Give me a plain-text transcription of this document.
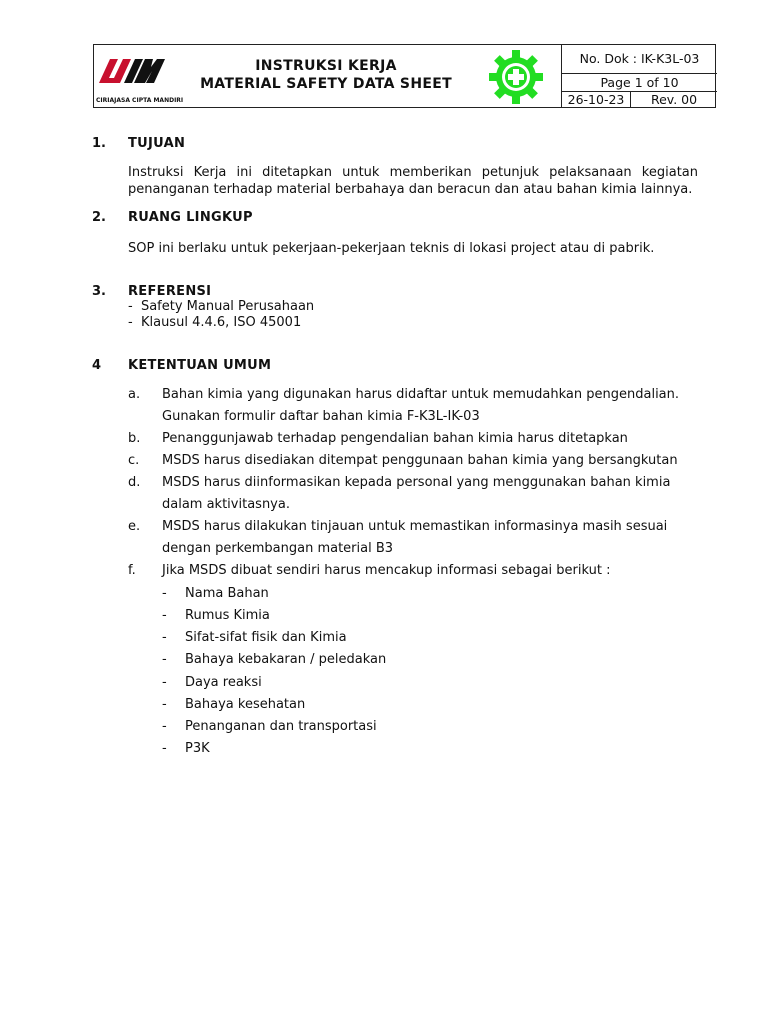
CIRIAJASA CIPTA MANDIRI
INSTRUKSI KERJA
MATERIAL SAFETY DATA SHEET
No. Dok : IK-K3L-03
Page 1 of 10
26-10-23	Rev. 00
1. TUJUAN
Instruksi Kerja ini ditetapkan untuk memberikan petunjuk pelaksanaan kegiatan penanganan terhadap material berbahaya dan beracun dan atau bahan kimia lainnya.
2. RUANG LINGKUP
SOP ini berlaku untuk pekerjaan-pekerjaan teknis di lokasi project atau di pabrik.
3. REFERENSI
-  Safety Manual Perusahaan
-  Klausul 4.4.6, ISO 45001
4 KETENTUAN UMUM
a. Bahan kimia yang digunakan harus didaftar untuk memudahkan pengendalian.
Gunakan formulir daftar bahan kimia F-K3L-IK-03
b. Penanggunjawab terhadap pengendalian bahan kimia harus ditetapkan
c. MSDS harus disediakan ditempat penggunaan bahan kimia yang bersangkutan
d. MSDS harus diinformasikan kepada personal yang menggunakan bahan kimia
dalam aktivitasnya.
e. MSDS harus dilakukan tinjauan untuk memastikan informasinya masih sesuai
dengan perkembangan material B3
f. Jika MSDS dibuat sendiri harus mencakup informasi sebagai berikut :
- Nama Bahan
- Rumus Kimia
- Sifat-sifat fisik dan Kimia
- Bahaya kebakaran / peledakan
- Daya reaksi
- Bahaya kesehatan
- Penanganan dan transportasi
- P3K
